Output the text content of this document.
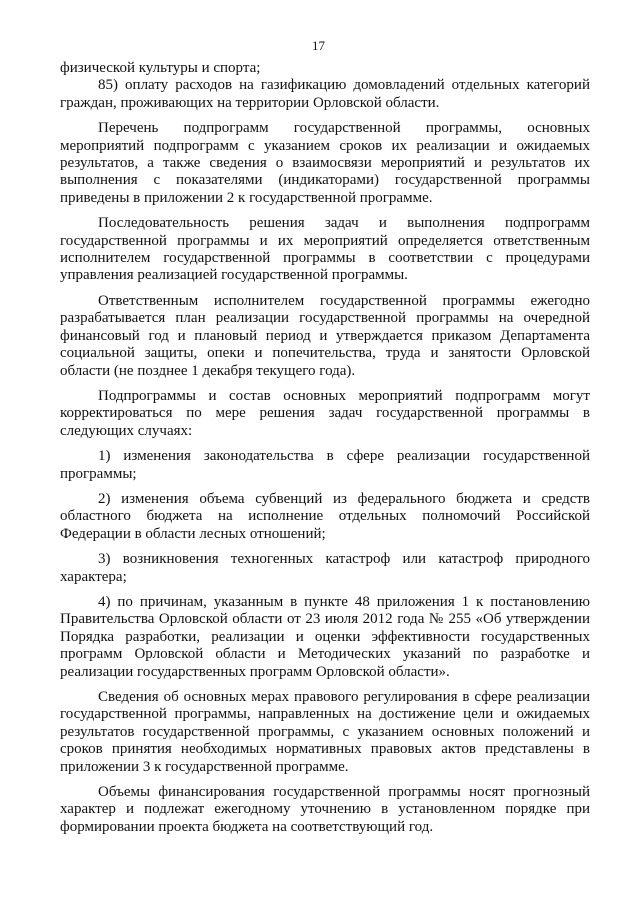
17

физической культуры и спорта;

85) оплату расходов на газификацию домовладений отдельных категорий граждан, проживающих на территории Орловской области.

Перечень подпрограмм государственной программы, основных мероприятий подпрограмм с указанием сроков их реализации и ожидаемых результатов, а также сведения о взаимосвязи мероприятий и результатов их выполнения с показателями (индикаторами) государственной программы приведены в приложении 2 к государственной программе.

Последовательность решения задач и выполнения подпрограмм государственной программы и их мероприятий определяется ответственным исполнителем государственной программы в соответствии с процедурами управления реализацией государственной программы.

Ответственным исполнителем государственной программы ежегодно разрабатывается план реализации государственной программы на очередной финансовый год и плановый период и утверждается приказом Департамента социальной защиты, опеки и попечительства, труда и занятости Орловской области (не позднее 1 декабря текущего года).

Подпрограммы и состав основных мероприятий подпрограмм могут корректироваться по мере решения задач государственной программы в следующих случаях:

1) изменения законодательства в сфере реализации государственной программы;

2) изменения объема субвенций из федерального бюджета и средств областного бюджета на исполнение отдельных полномочий Российской Федерации в области лесных отношений;

3) возникновения техногенных катастроф или катастроф природного характера;

4) по причинам, указанным в пункте 48 приложения 1 к постановлению Правительства Орловской области от 23 июля 2012 года № 255 «Об утверждении Порядка разработки, реализации и оценки эффективности государственных программ Орловской области и Методических указаний по разработке и реализации государственных программ Орловской области».

Сведения об основных мерах правового регулирования в сфере реализации государственной программы, направленных на достижение цели и ожидаемых результатов государственной программы, с указанием основных положений и сроков принятия необходимых нормативных правовых актов представлены в приложении 3 к государственной программе.

Объемы финансирования государственной программы носят прогнозный характер и подлежат ежегодному уточнению в установленном порядке при формировании проекта бюджета на соответствующий год.
